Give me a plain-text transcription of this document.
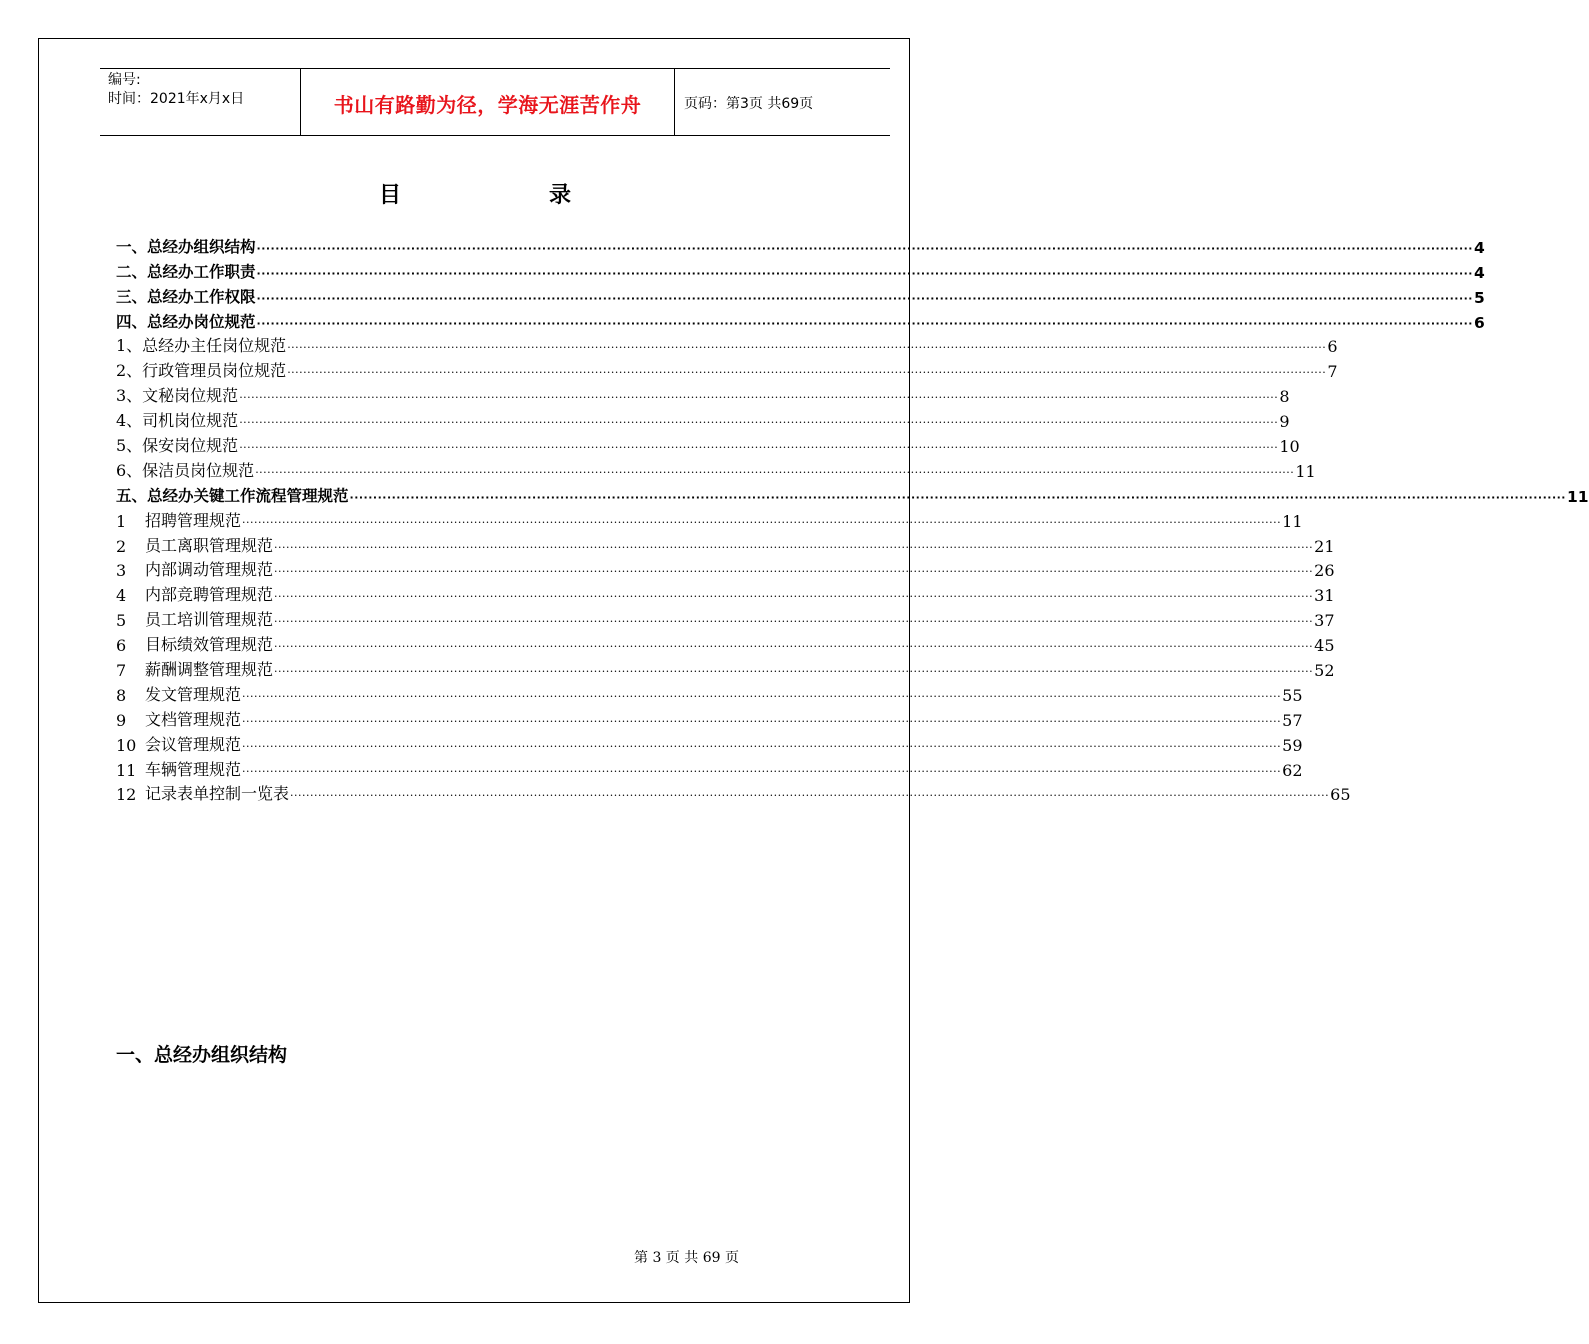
编号:
时间：2021年x月x日	书山有路勤为径，学海无涯苦作舟	页码：第3页 共69页
目录
一、总经办组织结构 ···································································································································································································································································· 4
二、总经办工作职责 ···································································································································································································································································· 4
三、总经办工作权限 ···································································································································································································································································· 5
四、总经办岗位规范 ···································································································································································································································································· 6
1、总经办主任岗位规范 ···································································································································································································································································· 6
2、行政管理员岗位规范 ···································································································································································································································································· 7
3、文秘岗位规范 ···································································································································································································································································· 8
4、司机岗位规范 ···································································································································································································································································· 9
5、保安岗位规范 ···································································································································································································································································· 10
6、保洁员岗位规范 ···································································································································································································································································· 11
五、总经办关键工作流程管理规范 ···································································································································································································································································· 11
1	招聘管理规范 ···································································································································································································································································· 11
2	员工离职管理规范 ···································································································································································································································································· 21
3	内部调动管理规范 ···································································································································································································································································· 26
4	内部竞聘管理规范 ···································································································································································································································································· 31
5	员工培训管理规范 ···································································································································································································································································· 37
6	目标绩效管理规范 ···································································································································································································································································· 45
7	薪酬调整管理规范 ···································································································································································································································································· 52
8	发文管理规范 ···································································································································································································································································· 55
9	文档管理规范 ···································································································································································································································································· 57
10 会议管理规范 ···································································································································································································································································· 59
11 车辆管理规范 ···································································································································································································································································· 62
12 记录表单控制一览表 ···································································································································································································································································· 65
一、总经办组织结构
第 3 页 共 69 页
